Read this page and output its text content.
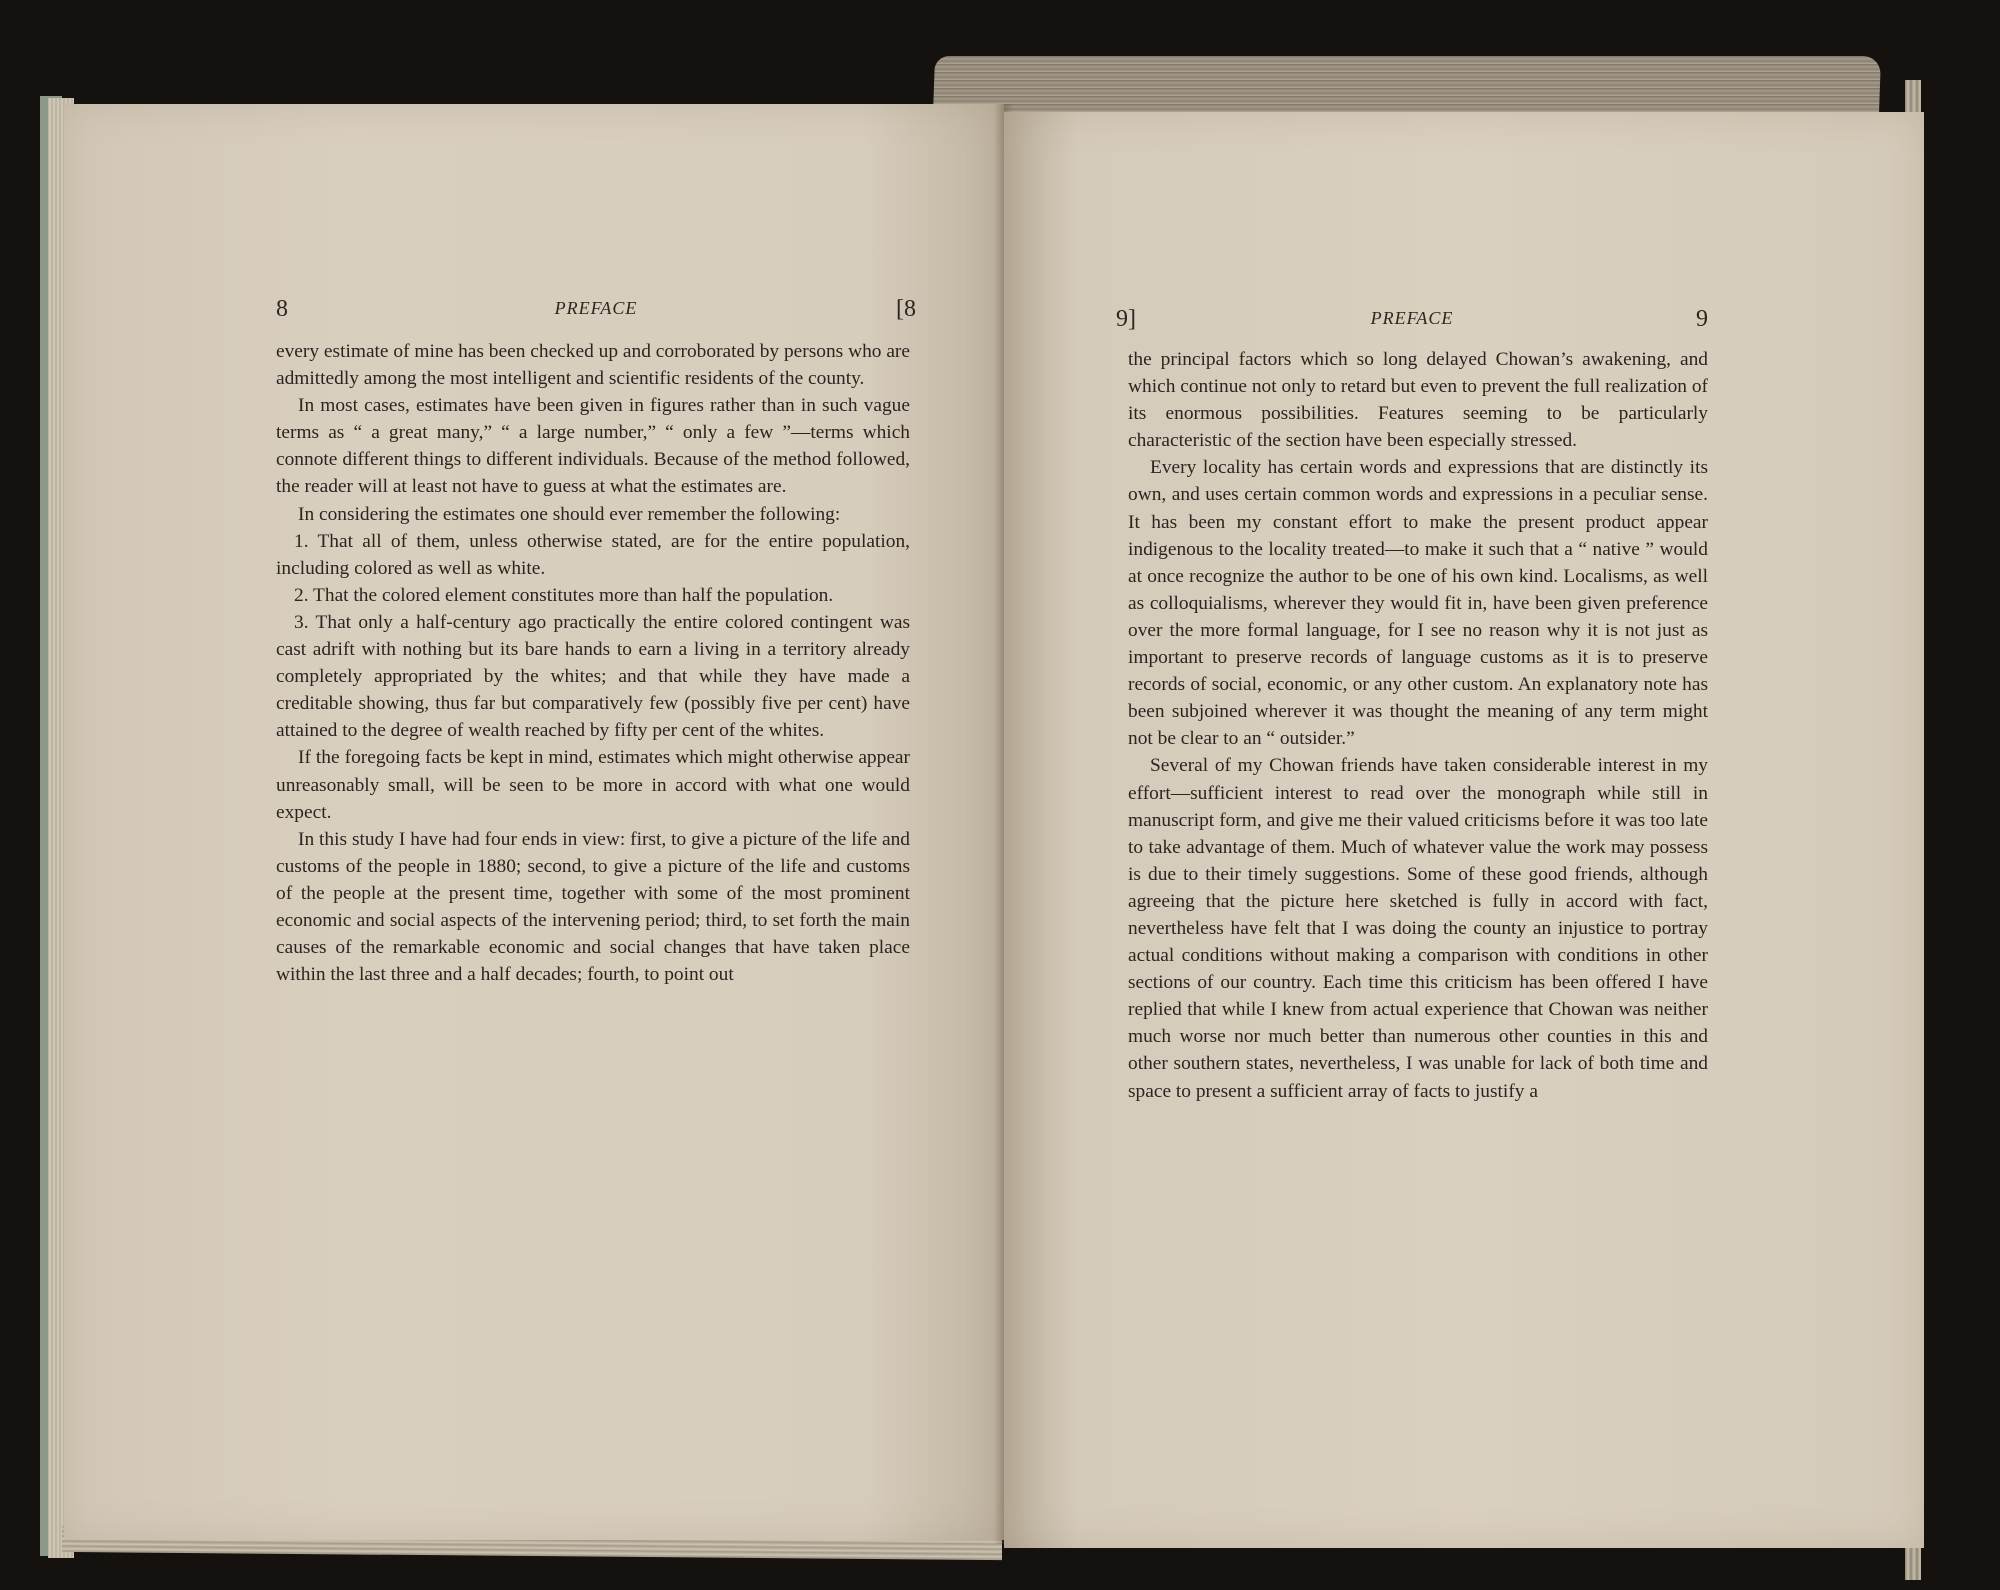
8	PREFACE	[8

every estimate of mine has been checked up and corroborated by persons who are admittedly among the most intelligent and scientific residents of the county.

In most cases, estimates have been given in figures rather than in such vague terms as “ a great many,” “ a large number,” “ only a few ”—terms which connote different things to different individuals. Because of the method followed, the reader will at least not have to guess at what the estimates are.

In considering the estimates one should ever remember the following:

1. That all of them, unless otherwise stated, are for the entire population, including colored as well as white.

2. That the colored element constitutes more than half the population.

3. That only a half-century ago practically the entire colored contingent was cast adrift with nothing but its bare hands to earn a living in a territory already completely appropriated by the whites; and that while they have made a creditable showing, thus far but comparatively few (possibly five per cent) have attained to the degree of wealth reached by fifty per cent of the whites.

If the foregoing facts be kept in mind, estimates which might otherwise appear unreasonably small, will be seen to be more in accord with what one would expect.

In this study I have had four ends in view: first, to give a picture of the life and customs of the people in 1880; second, to give a picture of the life and customs of the people at the present time, together with some of the most prominent economic and social aspects of the intervening period; third, to set forth the main causes of the remarkable economic and social changes that have taken place within the last three and a half decades; fourth, to point out

9]	PREFACE	9

the principal factors which so long delayed Chowan’s awakening, and which continue not only to retard but even to prevent the full realization of its enormous possibilities. Features seeming to be particularly characteristic of the section have been especially stressed.

Every locality has certain words and expressions that are distinctly its own, and uses certain common words and expressions in a peculiar sense. It has been my constant effort to make the present product appear indigenous to the locality treated—to make it such that a “ native ” would at once recognize the author to be one of his own kind. Localisms, as well as colloquialisms, wherever they would fit in, have been given preference over the more formal language, for I see no reason why it is not just as important to preserve records of language customs as it is to preserve records of social, economic, or any other custom. An explanatory note has been subjoined wherever it was thought the meaning of any term might not be clear to an “ outsider.”

Several of my Chowan friends have taken considerable interest in my effort—sufficient interest to read over the monograph while still in manuscript form, and give me their valued criticisms before it was too late to take advantage of them. Much of whatever value the work may possess is due to their timely suggestions. Some of these good friends, although agreeing that the picture here sketched is fully in accord with fact, nevertheless have felt that I was doing the county an injustice to portray actual conditions without making a comparison with conditions in other sections of our country. Each time this criticism has been offered I have replied that while I knew from actual experience that Chowan was neither much worse nor much better than numerous other counties in this and other southern states, nevertheless, I was unable for lack of both time and space to present a sufficient array of facts to justify a
